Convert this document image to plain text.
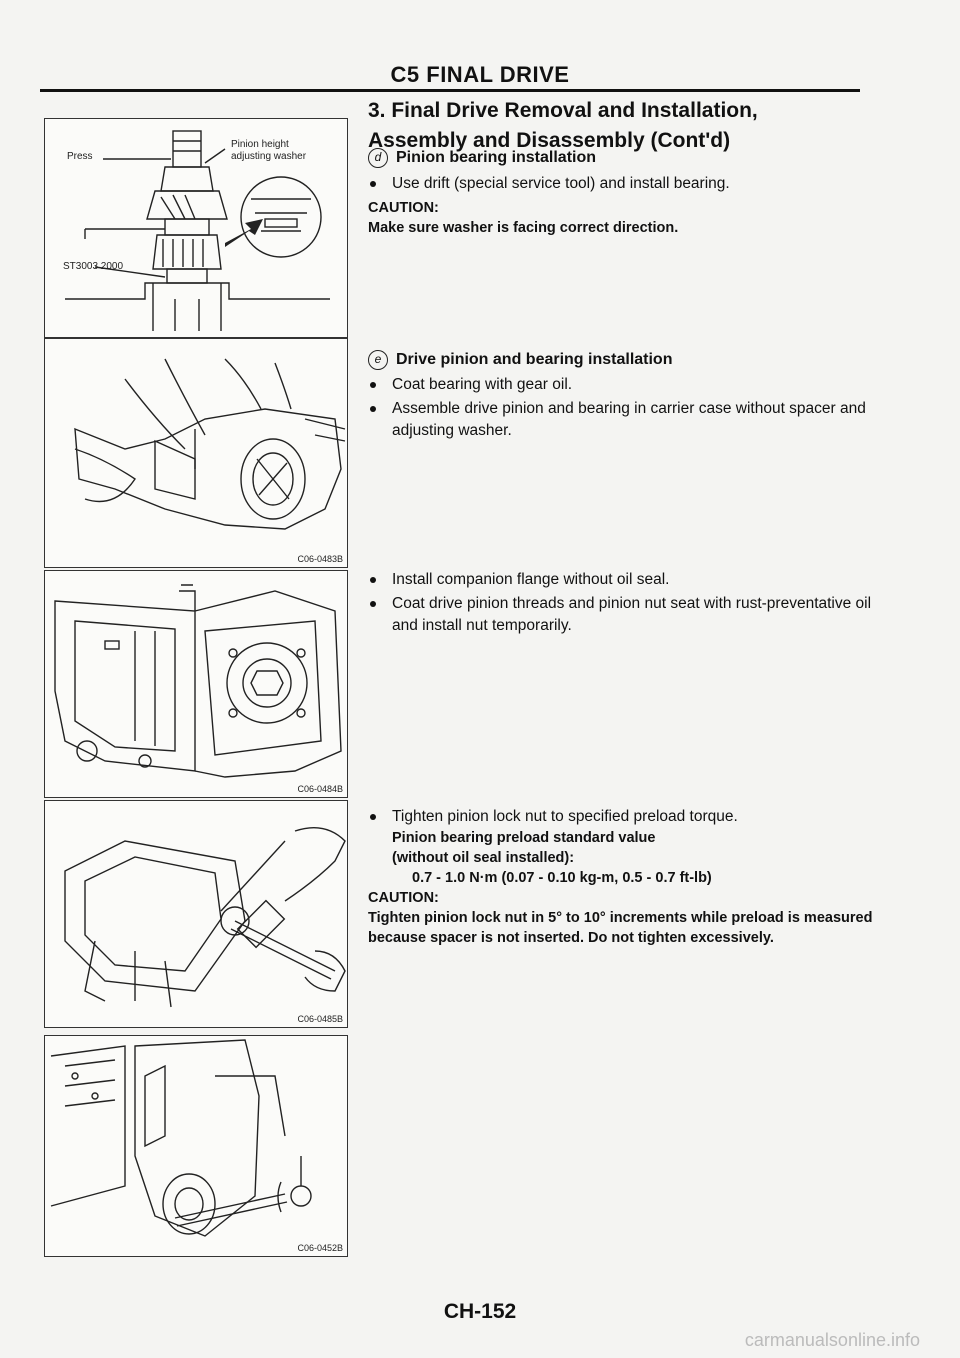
C5 FINAL DRIVE
3. Final Drive Removal and Installation,
Assembly and Disassembly (Cont'd)
d Pinion bearing installation
Use drift (special service tool) and install bearing.
CAUTION:
Make sure washer is facing correct direction.
e Drive pinion and bearing installation
Coat bearing with gear oil.
Assemble drive pinion and bearing in carrier case without spacer and adjusting washer.
Install companion flange without oil seal.
Coat drive pinion threads and pinion nut seat with rust-preventative oil and install nut temporarily.
Tighten pinion lock nut to specified preload torque.
Pinion bearing preload standard value
(without oil seal installed):
0.7 - 1.0 N·m (0.07 - 0.10 kg-m, 0.5 - 0.7 ft-lb)
CAUTION:
Tighten pinion lock nut in 5° to 10° increments while preload is measured because spacer is not inserted. Do not tighten excessively.
Press
Pinion height
adjusting washer
ST3003 2000
C06-0483B
C06-0484B
C06-0485B
C06-0452B
CH-152
carmanualsonline.info
